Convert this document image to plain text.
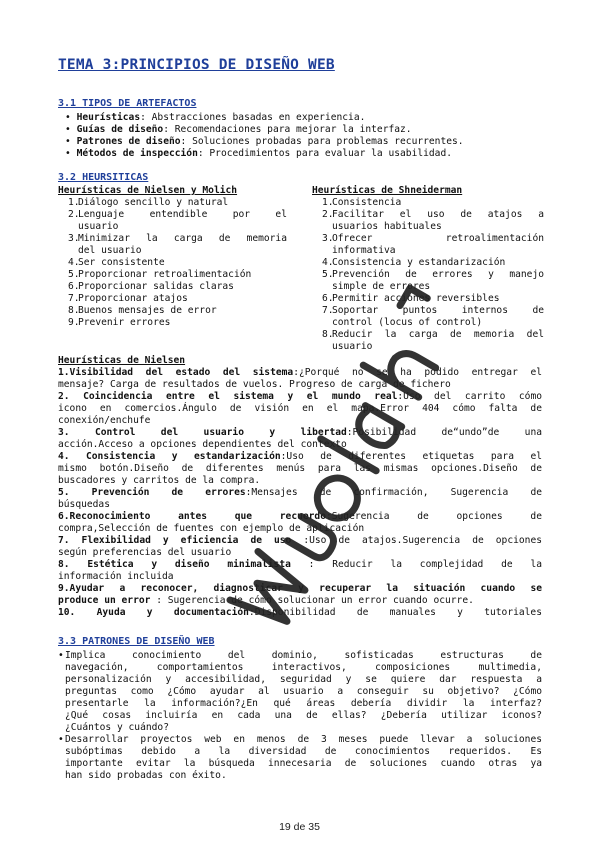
TEMA 3:PRINCIPIOS DE DISEÑO WEB
3.1 TIPOS DE ARTEFACTOS
• Heurísticas: Abstracciones basadas en experiencia.
• Guías de diseño: Recomendaciones para mejorar la interfaz.
• Patrones de diseño: Soluciones probadas para problemas recurrentes.
• Métodos de inspección: Procedimientos para evaluar la usabilidad.
3.2 HEURSITICAS
Heurísticas de Nielsen y Molich	Heurísticas de Shneiderman
1.
Diálogo sencillo y natural
2.
Lenguaje entendible por el
usuario
3.
Minimizar la carga de memoria
del usuario
4.
Ser consistente
5.
Proporcionar retroalimentación
6.
Proporcionar salidas claras
7.
Proporcionar atajos
8.
Buenos mensajes de error
9.
Prevenir errores
1.
Consistencia
2.
Facilitar el uso de atajos a
usuarios habituales
3.
Ofrecer retroalimentación
informativa
4.
Consistencia y estandarización
5.
Prevención de errores y manejo
simple de errores
6.
Permitir acciones reversibles
7.
Soportar puntos internos de
control (locus of control)
8.
Reducir la carga de memoria del
usuario
Heurísticas de Nielsen
1.Visibilidad del estado del sistema:¿Porqué no se ha podido entregar el
mensaje? Carga de resultados de vuelos. Progreso de carga de fichero
2. Coincidencia entre el sistema y el mundo real:Uso del carrito cómo
icono en comercios.Ángulo de visión en el mapa.Error 404 cómo falta de
conexión/enchufe
3. Control del usuario y libertad:Posibilidad de“undo”de una
acción.Acceso a opciones dependientes del contexto
4. Consistencia y estandarización:Uso de diferentes etiquetas para el
mismo botón.Diseño de diferentes menús para las mismas opciones.Diseño de
buscadores y carritos de la compra.
5. Prevención de errores:Mensajes de confirmación, Sugerencia de
búsquedas
6.Reconocimiento antes que recuerdo:Sugerencia de opciones de
compra,Selección de fuentes con ejemplo de aplicación
7. Flexibilidad y eficiencia de uso :Uso de atajos.Sugerencia de opciones
según preferencias del usuario
8. Estética y diseño minimalista : Reducir la complejidad de la
información incluida
9.Ayudar a reconocer, diagnosticar y recuperar la situación cuando se
produce un error : Sugerencia de cómo solucionar un error cuando ocurre.
10. Ayuda y documentación:Disponibilidad de manuales y tutoriales
3.3 PATRONES DE DISEÑO WEB
• Implica conocimiento del dominio, sofisticadas estructuras de
navegación, comportamientos interactivos, composiciones multimedia,
personalización y accesibilidad, seguridad y se quiere dar respuesta a
preguntas como ¿Cómo ayudar al usuario a conseguir su objetivo? ¿Cómo
presentarle la información?¿En qué áreas debería dividir la interfaz?
¿Qué cosas incluiría en cada una de ellas? ¿Debería utilizar iconos?
¿Cuántos y cuándo?
• Desarrollar proyectos web en menos de 3 meses puede llevar a soluciones
subóptimas debido a la diversidad de conocimientos requeridos. Es
importante evitar la búsqueda innecesaria de soluciones cuando otras ya
han sido probadas con éxito.
19 de 35
